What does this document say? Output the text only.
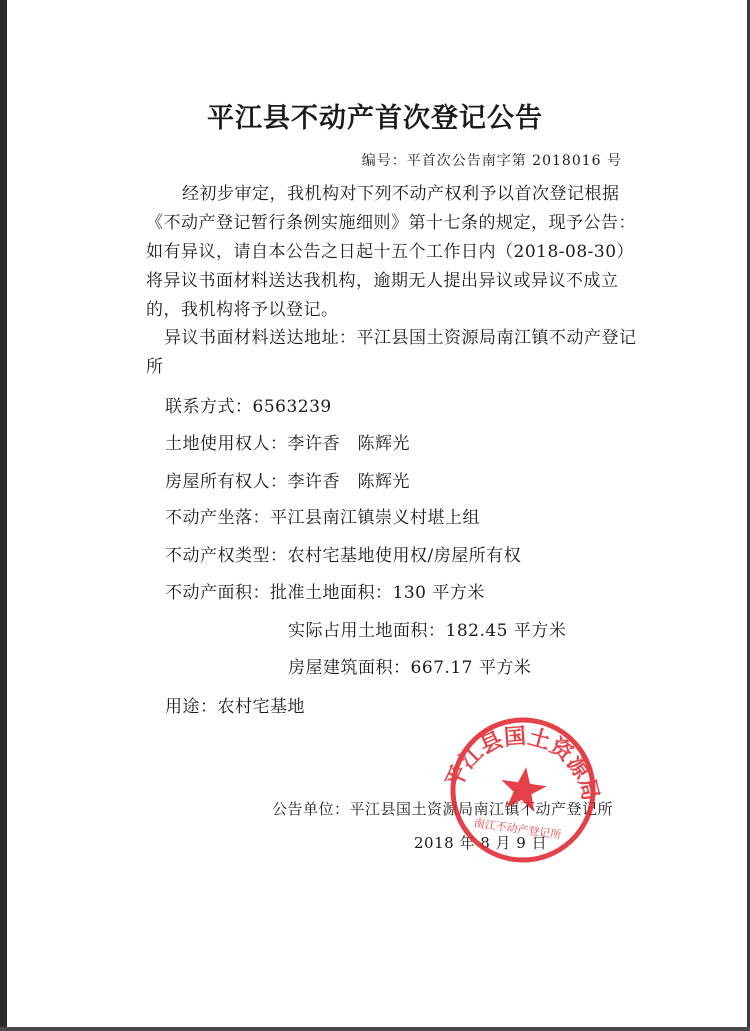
平江县不动产首次登记公告
编号：平首次公告南字第 2018016 号
经初步审定，我机构对下列不动产权利予以首次登记根据《不动产登记暂行条例实施细则》第十七条的规定，现予公告：如有异议，请自本公告之日起十五个工作日内（2018-08-30）将异议书面材料送达我机构，逾期无人提出异议或异议不成立的，我机构将予以登记。
异议书面材料送达地址：平江县国土资源局南江镇不动产登记所
联系方式：6563239
土地使用权人：李许香　陈辉光
房屋所有权人：李许香　陈辉光
不动产坐落：平江县南江镇崇义村堪上组
不动产权类型：农村宅基地使用权/房屋所有权
不动产面积：批准土地面积：130 平方米
实际占用土地面积：182.45 平方米
房屋建筑面积：667.17 平方米
用途：农村宅基地
公告单位：平江县国土资源局南江镇不动产登记所
2018 年 8 月 9 日
平江县国土资源局
南江不动产登记所
